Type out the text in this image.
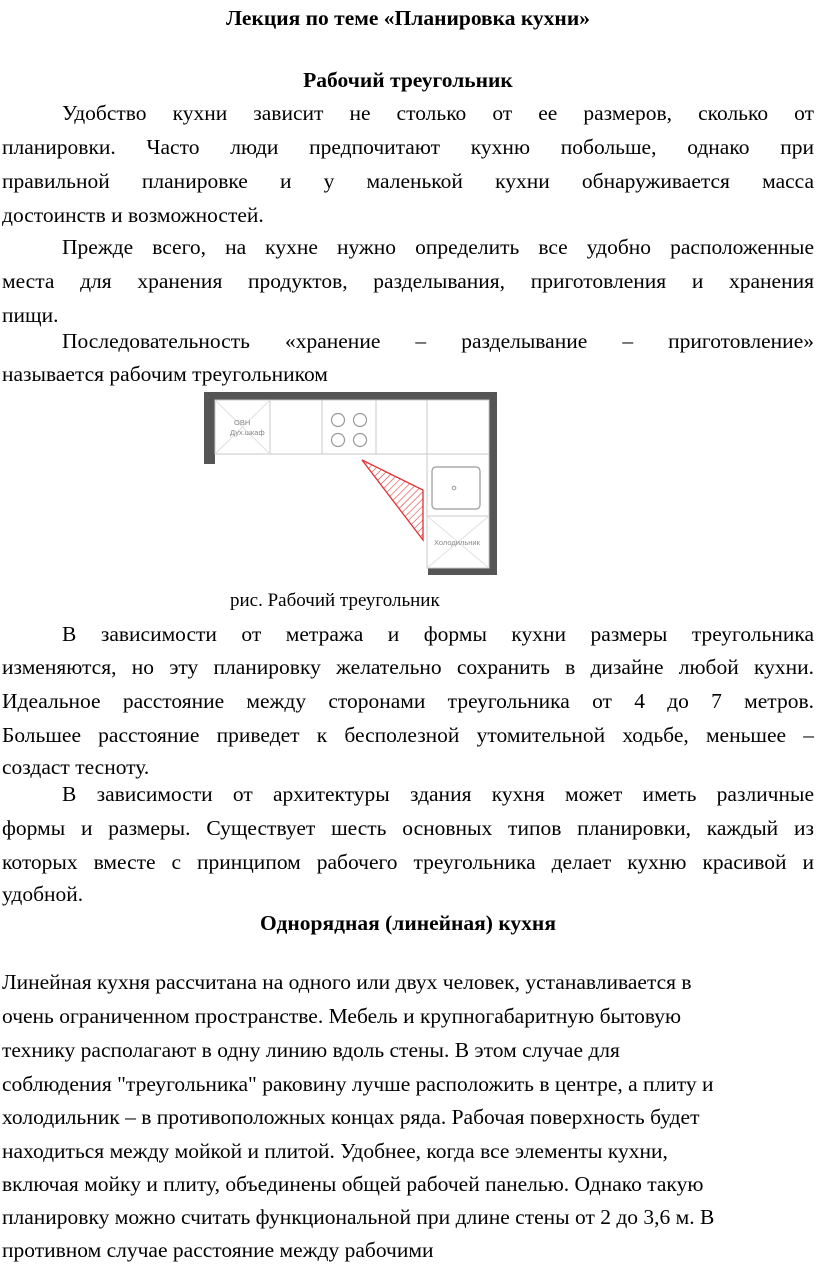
Лекция по теме «Планировка кухни»
Рабочий треугольник
Удобство кухни зависит не столько от ее размеров, сколько от
планировки. Часто люди предпочитают кухню побольше, однако при
правильной планировке и у маленькой кухни обнаруживается масса
достоинств и возможностей.
Прежде всего, на кухне нужно определить все удобно расположенные
места для хранения продуктов, разделывания, приготовления и хранения
пищи.
Последовательность «хранение – разделывание – приготовление»
называется рабочим треугольником
ОВН
Дух.шкаф
Холодильник
рис. Рабочий треугольник
В зависимости от метража и формы кухни размеры треугольника
изменяются, но эту планировку желательно сохранить в дизайне любой кухни.
Идеальное расстояние между сторонами треугольника от 4 до 7 метров.
Большее расстояние приведет к бесполезной утомительной ходьбе, меньшее –
создаст тесноту.
В зависимости от архитектуры здания кухня может иметь различные
формы и размеры. Существует шесть основных типов планировки, каждый из
которых вместе с принципом рабочего треугольника делает кухню красивой и
удобной.
Однорядная (линейная) кухня
Линейная кухня рассчитана на одного или двух человек, устанавливается в
очень ограниченном пространстве. Мебель и крупногабаритную бытовую
технику располагают в одну линию вдоль стены. В этом случае для
соблюдения "треугольника" раковину лучше расположить в центре, а плиту и
холодильник – в противоположных концах ряда. Рабочая поверхность будет
находиться между мойкой и плитой. Удобнее, когда все элементы кухни,
включая мойку и плиту, объединены общей рабочей панелью. Однако такую
планировку можно считать функциональной при длине стены от 2 до 3,6 м. В
противном случае расстояние между рабочими
